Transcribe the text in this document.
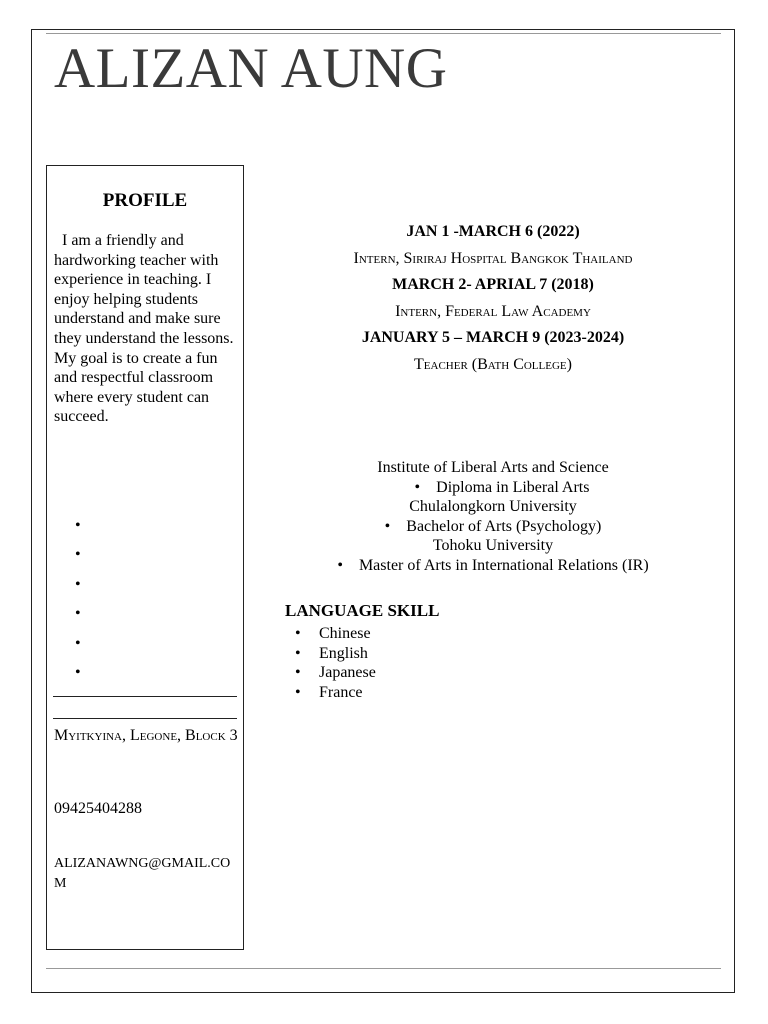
ALIZAN AUNG
PROFILE
I am a friendly and hardworking teacher with experience in teaching. I enjoy helping students understand and make sure they understand the lessons. My goal is to create a fun and respectful classroom where every student can succeed.
•
•
•
•
•
•
Myitkyina, Legone, Block 3
09425404288
ALIZANAWNG@GMAIL.COM
JAN 1 -MARCH 6 (2022)
Intern, Siriraj Hospital Bangkok Thailand
MARCH 2- APRIAL 7 (2018)
Intern, Federal Law Academy
JANUARY 5 – MARCH 9 (2023-2024)
Teacher (Bath College)
Institute of Liberal Arts and Science
• Diploma in Liberal Arts
Chulalongkorn University
• Bachelor of Arts (Psychology)
Tohoku University
• Master of Arts in International Relations (IR)
LANGUAGE SKILL
• Chinese
• English
• Japanese
• France
